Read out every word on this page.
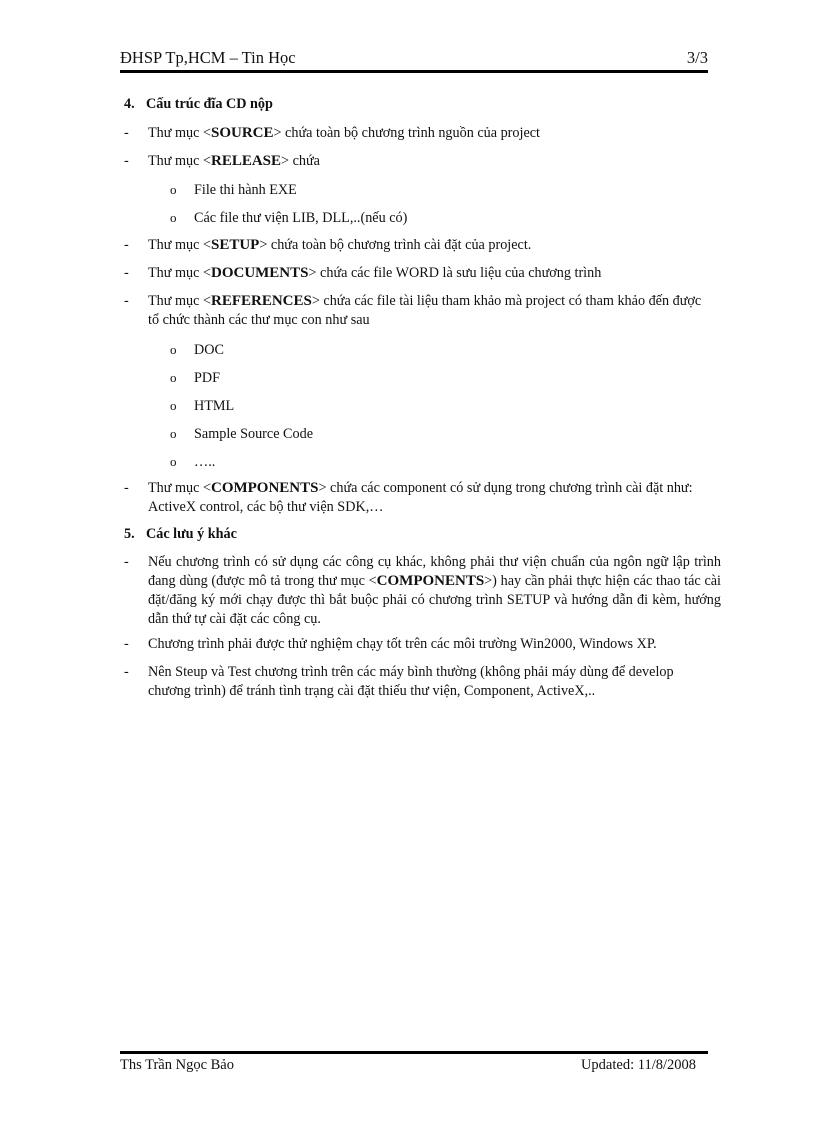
ĐHSP Tp,HCM – Tin Học	3/3
4. Cấu trúc đĩa CD nộp
- Thư mục <SOURCE> chứa toàn bộ chương trình nguồn của project
- Thư mục <RELEASE> chứa
o File thi hành EXE
o Các file thư viện LIB, DLL,..(nếu có)
- Thư mục <SETUP> chứa toàn bộ chương trình cài đặt của project.
- Thư mục <DOCUMENTS> chứa các file WORD là sưu liệu của chương trình
- Thư mục <REFERENCES> chứa các file tài liệu tham khảo mà project có tham khảo đến được tổ chức thành các thư mục con như sau
o DOC
o PDF
o HTML
o Sample Source Code
o …..
- Thư mục <COMPONENTS> chứa các component có sử dụng trong chương trình cài đặt như: ActiveX control, các bộ thư viện SDK,…
5. Các lưu ý khác
- Nếu chương trình có sử dụng các công cụ khác, không phải thư viện chuẩn của ngôn ngữ lập trình đang dùng (được mô tả trong thư mục <COMPONENTS>) hay cần phải thực hiện các thao tác cài đặt/đăng ký mới chạy được thì bắt buộc phải có chương trình SETUP và hướng dẫn đi kèm, hướng dẫn thứ tự cài đặt các công cụ.
- Chương trình phải được thử nghiệm chạy tốt trên các môi trường Win2000, Windows XP.
- Nên Steup và Test chương trình trên các máy bình thường (không phải máy dùng để develop chương trình) để tránh tình trạng cài đặt thiếu thư viện, Component, ActiveX,..
Ths Trần Ngọc Bảo	Updated: 11/8/2008
